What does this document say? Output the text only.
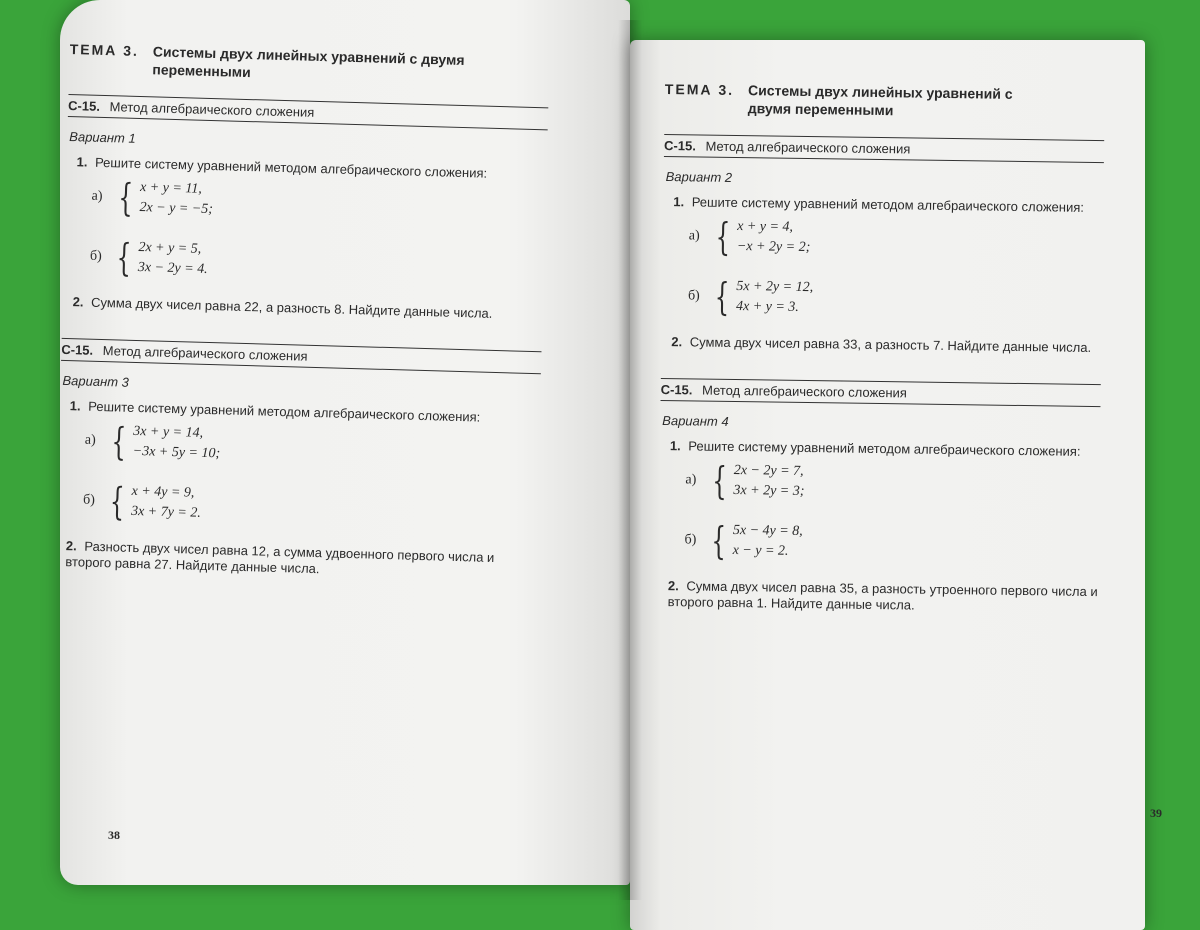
ТЕМА 3. Системы двух линейных уравнений с двумя переменными
С-15. Метод алгебраического сложения
Вариант 1
1. Решите систему уравнений методом алгебраического сложения:
а) { x + y = 11,
2x − y = −5;
б) { 2x + y = 5,
3x − 2y = 4.
2. Сумма двух чисел равна 22, а разность 8. Найдите данные числа.
С-15. Метод алгебраического сложения
Вариант 3
1. Решите систему уравнений методом алгебраического сложения:
а) { 3x + y = 14,
−3x + 5y = 10;
б) { x + 4y = 9,
3x + 7y = 2.
2. Разность двух чисел равна 12, а сумма удвоенного первого числа и второго равна 27. Найдите данные числа.
ТЕМА 3. Системы двух линейных уравнений с двумя переменными
С-15. Метод алгебраического сложения
Вариант 2
1. Решите систему уравнений методом алгебраического сложения:
а) { x + y = 4,
−x + 2y = 2;
б) { 5x + 2y = 12,
4x + y = 3.
2. Сумма двух чисел равна 33, а разность 7. Найдите данные числа.
С-15. Метод алгебраического сложения
Вариант 4
1. Решите систему уравнений методом алгебраического сложения:
а) { 2x − 2y = 7,
3x + 2y = 3;
б) { 5x − 4y = 8,
x − y = 2.
2. Сумма двух чисел равна 35, а разность утроенного первого числа и второго равна 1. Найдите данные числа.
38
39
